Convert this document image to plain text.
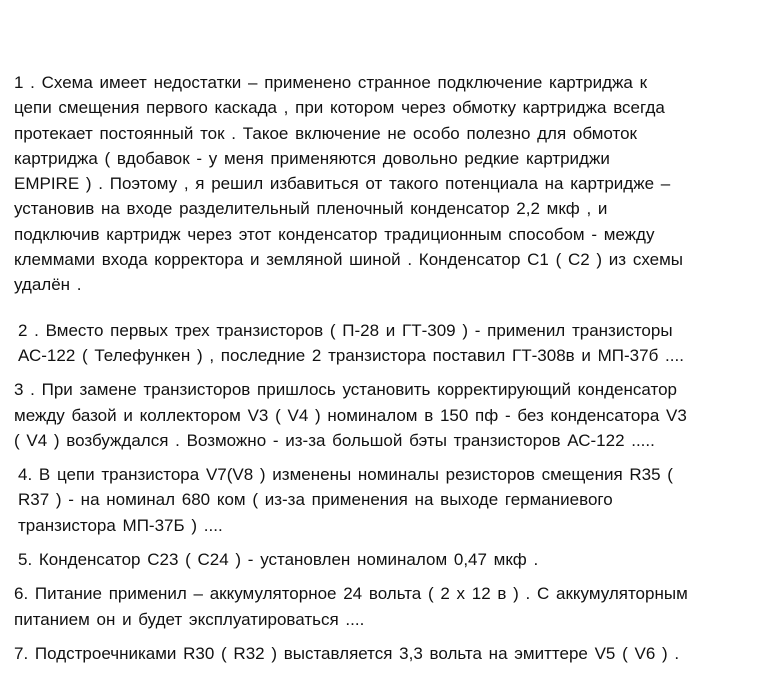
1 . Схема имеет недостатки – применено странное подключение картриджа к
цепи смещения первого каскада , при котором через обмотку картриджа всегда
протекает постоянный ток . Такое включение не особо полезно для обмоток
картриджа ( вдобавок - у меня применяются довольно редкие картриджи
EMPIRE ) . Поэтому , я решил избавиться от такого потенциала на картридже –
установив на входе разделительный пленочный конденсатор 2,2 мкф , и
подключив картридж через этот конденсатор традиционным способом - между
клеммами входа корректора и земляной шиной . Конденсатор С1 ( С2 ) из схемы
удалён .
2 . Вместо первых трех транзисторов ( П-28 и ГТ-309 ) - применил транзисторы
АС-122 ( Телефункен ) , последние 2 транзистора поставил ГТ-308в и МП-37б ....
3 . При замене транзисторов пришлось установить корректирующий конденсатор
между базой и коллектором V3 ( V4 ) номиналом в 150 пф - без конденсатора V3
( V4 ) возбуждался . Возможно - из-за большой бэты транзисторов АС-122 .....
4. В цепи транзистора V7(V8 ) изменены номиналы резисторов смещения R35 (
R37 ) - на номинал 680 ком ( из-за применения на выходе германиевого
транзистора МП-37Б ) ....
5. Конденсатор С23 ( С24 ) - установлен номиналом 0,47 мкф .
6. Питание применил – аккумуляторное 24 вольта ( 2 х 12 в ) . С аккумуляторным
питанием он и будет эксплуатироваться ....
7. Подстроечниками R30 ( R32 ) выставляется 3,3 вольта на эмиттере V5 ( V6 ) .
